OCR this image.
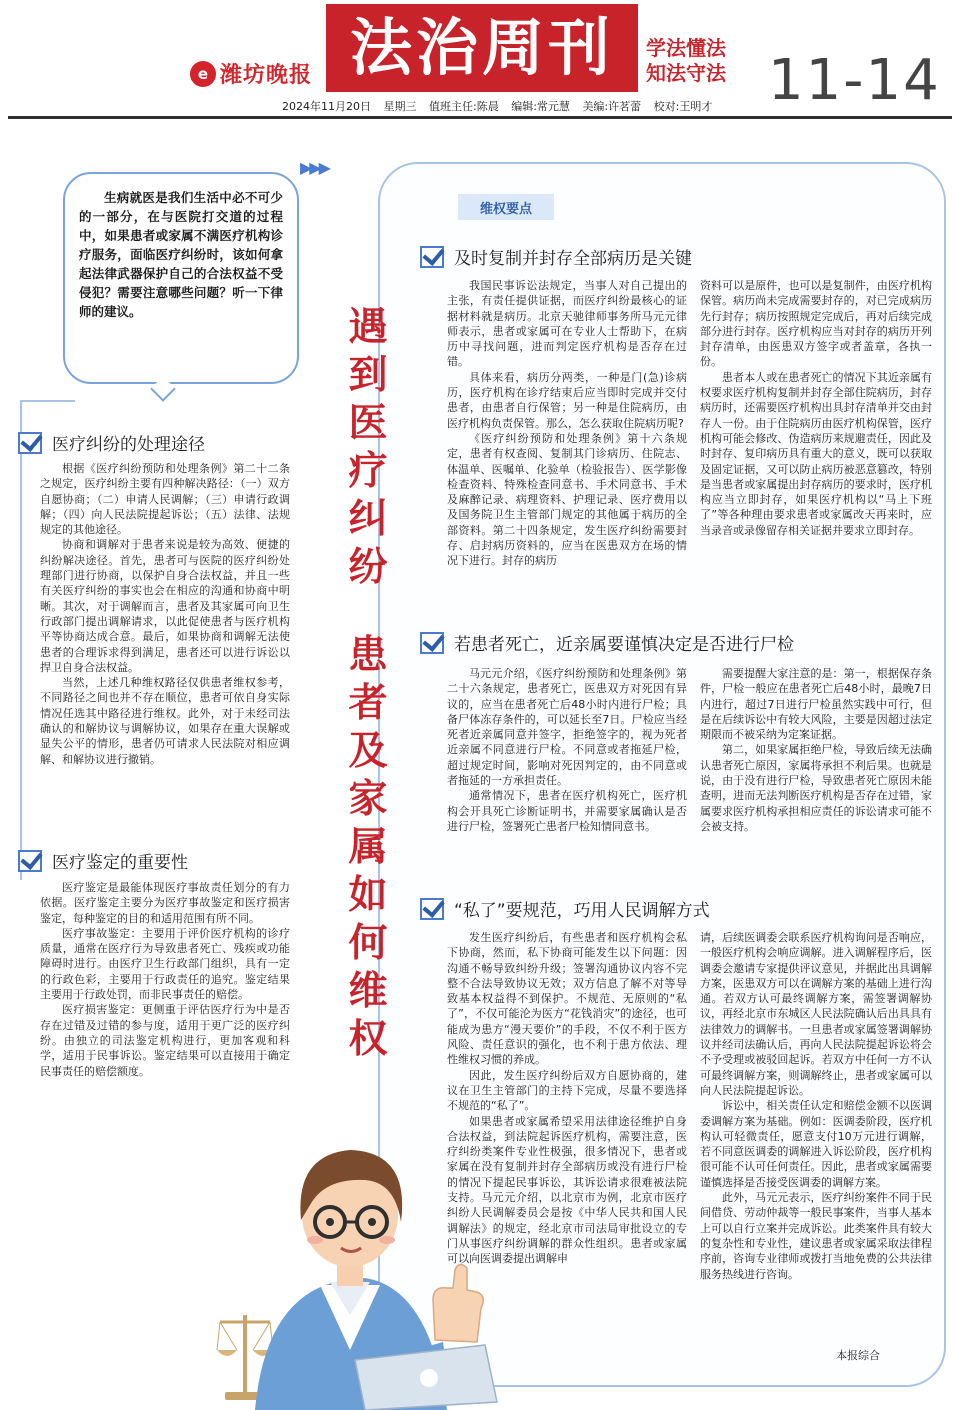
e 潍坊晚报 法治周刊	学法懂法
知法守法 11-14
2024年11月20日 星期三 值班主任:陈晨 编辑:常元慧 美编:许茗蕾 校对:王明才
▶▶▶
生病就医是我们生活中必不可少的一部分，在与医院打交道的过程中，如果患者或家属不满医疗机构诊疗服务，面临医疗纠纷时，该如何拿起法律武器保护自己的合法权益不受侵犯？需要注意哪些问题？听一下律师的建议。	遇
到
医
疗
纠
纷
患
者
及
家
属
如
何
维
权
维权要点
医疗纠纷的处理途径

根据《医疗纠纷预防和处理条例》第二十二条之规定，医疗纠纷主要有四种解决路径：（一）双方自愿协商；（二）申请人民调解；（三）申请行政调解；（四）向人民法院提起诉讼；（五）法律、法规规定的其他途径。

协商和调解对于患者来说是较为高效、便捷的纠纷解决途径。首先，患者可与医院的医疗纠纷处理部门进行协商，以保护自身合法权益，并且一些有关医疗纠纷的事实也会在相应的沟通和协商中明晰。其次，对于调解而言，患者及其家属可向卫生行政部门提出调解请求，以此促使患者与医疗机构平等协商达成合意。最后，如果协商和调解无法使患者的合理诉求得到满足，患者还可以进行诉讼以捍卫自身合法权益。

当然，上述几种维权路径仅供患者维权参考，不同路径之间也并不存在顺位，患者可依自身实际情况任选其中路径进行维权。此外，对于未经司法确认的和解协议与调解协议，如果存在重大误解或显失公平的情形，患者仍可请求人民法院对相应调解、和解协议进行撤销。

医疗鉴定的重要性

医疗鉴定是最能体现医疗事故责任划分的有力依据。医疗鉴定主要分为医疗事故鉴定和医疗损害鉴定，每种鉴定的目的和适用范围有所不同。

医疗事故鉴定：主要用于评价医疗机构的诊疗质量，通常在医疗行为导致患者死亡、残疾或功能障碍时进行。由医疗卫生行政部门组织，具有一定的行政色彩，主要用于行政责任的追究。鉴定结果主要用于行政处罚，而非民事责任的赔偿。

医疗损害鉴定：更侧重于评估医疗行为中是否存在过错及过错的参与度，适用于更广泛的医疗纠纷。由独立的司法鉴定机构进行，更加客观和科学，适用于民事诉讼。鉴定结果可以直接用于确定民事责任的赔偿额度。

及时复制并封存全部病历是关键

我国民事诉讼法规定，当事人对自己提出的主张，有责任提供证据，而医疗纠纷最核心的证据材料就是病历。北京天驰律师事务所马元元律师表示，患者或家属可在专业人士帮助下，在病历中寻找问题，进而判定医疗机构是否存在过错。

具体来看，病历分两类，一种是门(急)诊病历，医疗机构在诊疗结束后应当即时完成并交付患者，由患者自行保管；另一种是住院病历，由医疗机构负责保管。那么，怎么获取住院病历呢?

《医疗纠纷预防和处理条例》第十六条规定，患者有权查阅、复制其门诊病历、住院志、体温单、医嘱单、化验单（检验报告）、医学影像检查资料、特殊检查同意书、手术同意书、手术及麻醉记录、病理资料、护理记录、医疗费用以及国务院卫生主管部门规定的其他属于病历的全部资料。第二十四条规定，发生医疗纠纷需要封存、启封病历资料的，应当在医患双方在场的情况下进行。封存的病历

资料可以是原件，也可以是复制件，由医疗机构保管。病历尚未完成需要封存的，对已完成病历先行封存；病历按照规定完成后，再对后续完成部分进行封存。医疗机构应当对封存的病历开列封存清单，由医患双方签字或者盖章，各执一份。

患者本人或在患者死亡的情况下其近亲属有权要求医疗机构复制并封存全部住院病历，封存病历时，还需要医疗机构出具封存清单并交由封存人一份。由于住院病历由医疗机构保管，医疗机构可能会修改、伪造病历来规避责任，因此及时封存、复印病历具有重大的意义，既可以获取及固定证据，又可以防止病历被恶意篡改，特别是当患者或家属提出封存病历的要求时，医疗机构应当立即封存，如果医疗机构以“马上下班了”等各种理由要求患者或家属改天再来时，应当录音或录像留存相关证据并要求立即封存。

若患者死亡，近亲属要谨慎决定是否进行尸检

马元元介绍，《医疗纠纷预防和处理条例》第二十六条规定，患者死亡，医患双方对死因有异议的，应当在患者死亡后48小时内进行尸检；具备尸体冻存条件的，可以延长至7日。尸检应当经死者近亲属同意并签字，拒绝签字的，视为死者近亲属不同意进行尸检。不同意或者拖延尸检，超过规定时间，影响对死因判定的，由不同意或者拖延的一方承担责任。

通常情况下，患者在医疗机构死亡，医疗机构会开具死亡诊断证明书，并需要家属确认是否进行尸检，签署死亡患者尸检知情同意书。

需要提醒大家注意的是：第一，根据保存条件，尸检一般应在患者死亡后48小时，最晚7日内进行，超过7日进行尸检虽然实践中可行，但是在后续诉讼中有较大风险，主要是因超过法定期限而不被采纳为定案证据。

第二，如果家属拒绝尸检，导致后续无法确认患者死亡原因，家属将承担不利后果。也就是说，由于没有进行尸检，导致患者死亡原因未能查明，进而无法判断医疗机构是否存在过错，家属要求医疗机构承担相应责任的诉讼请求可能不会被支持。

“私了”要规范，巧用人民调解方式

发生医疗纠纷后，有些患者和医疗机构会私下协商，然而，私下协商可能发生以下问题：因沟通不畅导致纠纷升级；签署沟通协议内容不完整不合法导致协议无效；双方信息了解不对等导致基本权益得不到保护。不规范、无原则的“私了”，不仅可能沦为医方“花钱消灾”的途径，也可能成为患方“漫天要价”的手段，不仅不利于医方风险、责任意识的强化，也不利于患方依法、理性维权习惯的养成。

因此，发生医疗纠纷后双方自愿协商的，建议在卫生主管部门的主持下完成，尽量不要选择不规范的“私了”。

如果患者或家属希望采用法律途径维护自身合法权益，到法院起诉医疗机构，需要注意，医疗纠纷类案件专业性极强，很多情况下，患者或家属在没有复制并封存全部病历或没有进行尸检的情况下提起民事诉讼，其诉讼请求很难被法院支持。马元元介绍，以北京市为例，北京市医疗纠纷人民调解委员会是按《中华人民共和国人民调解法》的规定，经北京市司法局审批设立的专门从事医疗纠纷调解的群众性组织。患者或家属可以向医调委提出调解申

请，后续医调委会联系医疗机构询问是否响应，一般医疗机构会响应调解。进入调解程序后，医调委会邀请专家提供评议意见，并据此出具调解方案，医患双方可以在调解方案的基础上进行沟通。若双方认可最终调解方案，需签署调解协议，再经北京市东城区人民法院确认后出具具有法律效力的调解书。一旦患者或家属签署调解协议并经司法确认后，再向人民法院提起诉讼将会不予受理或被驳回起诉。若双方中任何一方不认可最终调解方案，则调解终止，患者或家属可以向人民法院提起诉讼。

诉讼中，相关责任认定和赔偿金额不以医调委调解方案为基础。例如：医调委阶段，医疗机构认可轻微责任，愿意支付10万元进行调解，若不同意医调委的调解进入诉讼阶段，医疗机构很可能不认可任何责任。因此，患者或家属需要谨慎选择是否接受医调委的调解方案。

此外，马元元表示，医疗纠纷案件不同于民间借贷、劳动仲裁等一般民事案件，当事人基本上可以自行立案并完成诉讼。此类案件具有较大的复杂性和专业性，建议患者或家属采取法律程序前，咨询专业律师或拨打当地免费的公共法律服务热线进行咨询。

本报综合
